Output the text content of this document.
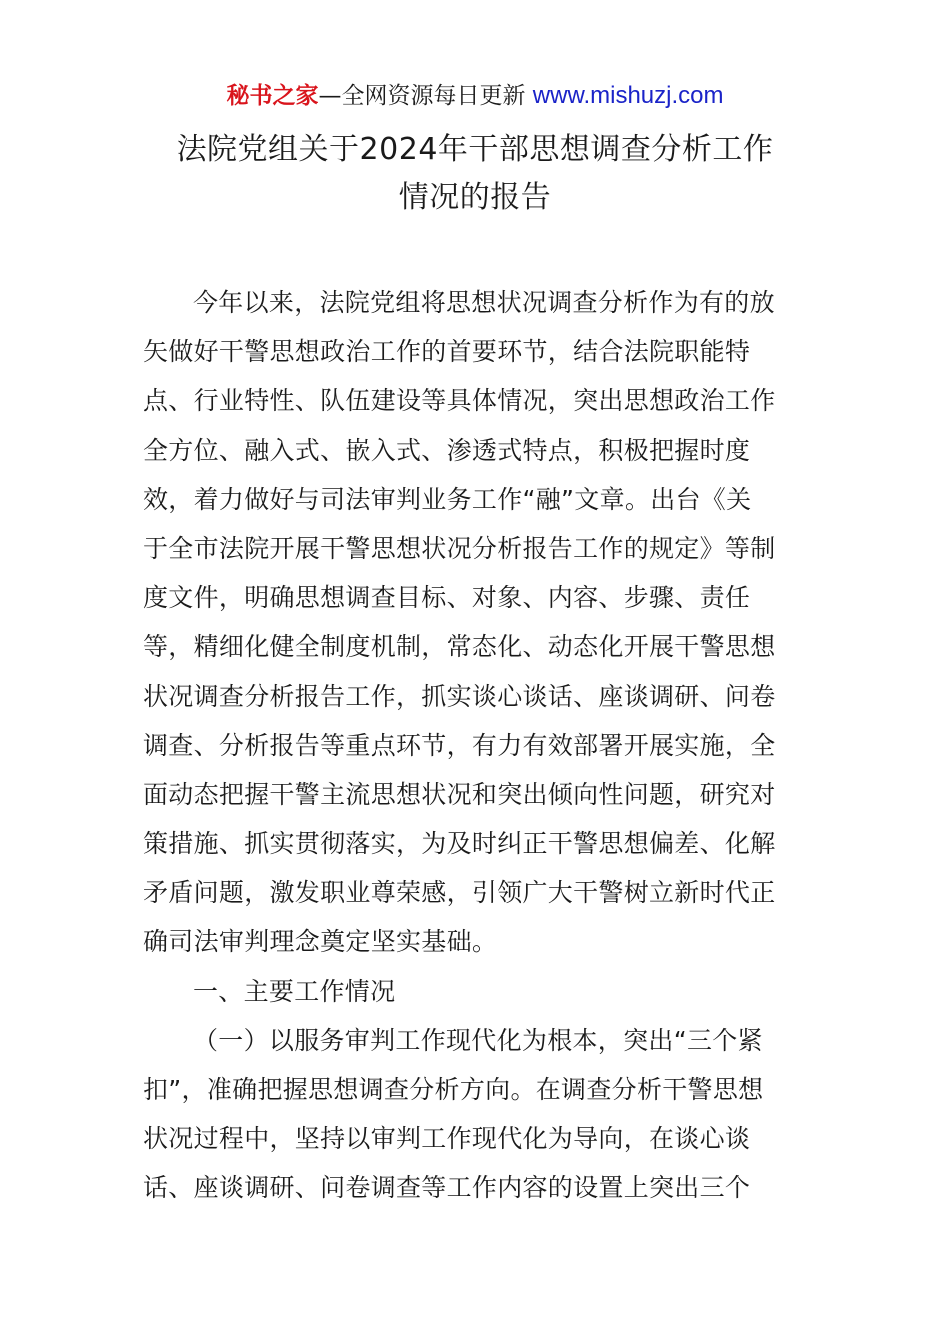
秘书之家—全网资源每日更新 www.mishuzj.com
法院党组关于2024年干部思想调查分析工作
情况的报告
今年以来，法院党组将思想状况调查分析作为有的放
矢做好干警思想政治工作的首要环节，结合法院职能特
点、行业特性、队伍建设等具体情况，突出思想政治工作
全方位、融入式、嵌入式、渗透式特点，积极把握时度
效，着力做好与司法审判业务工作“融”文章。出台《关
于全市法院开展干警思想状况分析报告工作的规定》等制
度文件，明确思想调查目标、对象、内容、步骤、责任
等，精细化健全制度机制，常态化、动态化开展干警思想
状况调查分析报告工作，抓实谈心谈话、座谈调研、问卷
调查、分析报告等重点环节，有力有效部署开展实施，全
面动态把握干警主流思想状况和突出倾向性问题，研究对
策措施、抓实贯彻落实，为及时纠正干警思想偏差、化解
矛盾问题，激发职业尊荣感，引领广大干警树立新时代正
确司法审判理念奠定坚实基础。
一、主要工作情况
（一）以服务审判工作现代化为根本，突出“三个紧
扣”，准确把握思想调查分析方向。在调查分析干警思想
状况过程中，坚持以审判工作现代化为导向，在谈心谈
话、座谈调研、问卷调查等工作内容的设置上突出三个
